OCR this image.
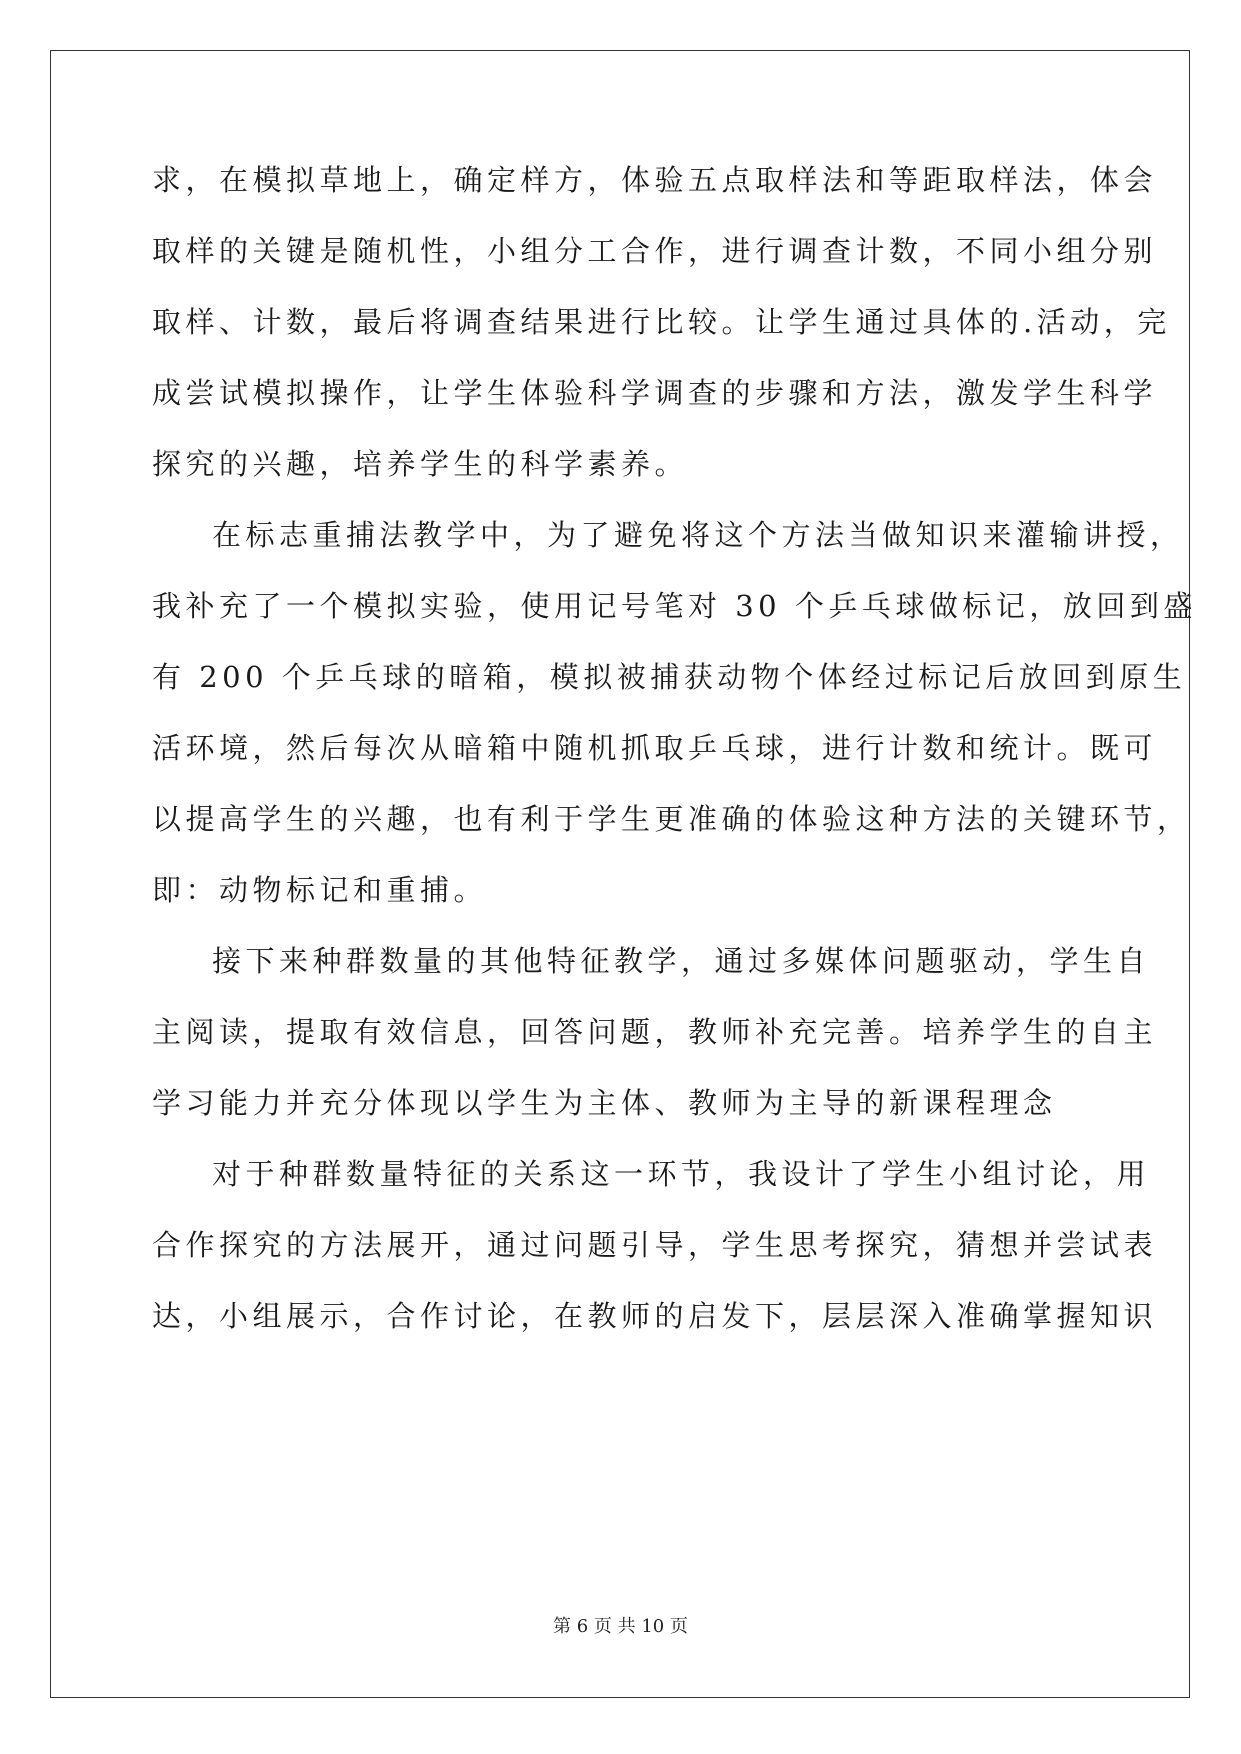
求，在模拟草地上，确定样方，体验五点取样法和等距取样法，体会
取样的关键是随机性，小组分工合作，进行调查计数，不同小组分别
取样、计数，最后将调查结果进行比较。让学生通过具体的.活动，完
成尝试模拟操作，让学生体验科学调查的步骤和方法，激发学生科学
探究的兴趣，培养学生的科学素养。
在标志重捕法教学中，为了避免将这个方法当做知识来灌输讲授，
我补充了一个模拟实验，使用记号笔对 30 个乒乓球做标记，放回到盛
有 200 个乒乓球的暗箱，模拟被捕获动物个体经过标记后放回到原生
活环境，然后每次从暗箱中随机抓取乒乓球，进行计数和统计。既可
以提高学生的兴趣，也有利于学生更准确的体验这种方法的关键环节，
即：动物标记和重捕。
接下来种群数量的其他特征教学，通过多媒体问题驱动，学生自
主阅读，提取有效信息，回答问题，教师补充完善。培养学生的自主
学习能力并充分体现以学生为主体、教师为主导的新课程理念
对于种群数量特征的关系这一环节，我设计了学生小组讨论，用
合作探究的方法展开，通过问题引导，学生思考探究，猜想并尝试表
达，小组展示，合作讨论，在教师的启发下，层层深入准确掌握知识
第 6 页 共 10 页
